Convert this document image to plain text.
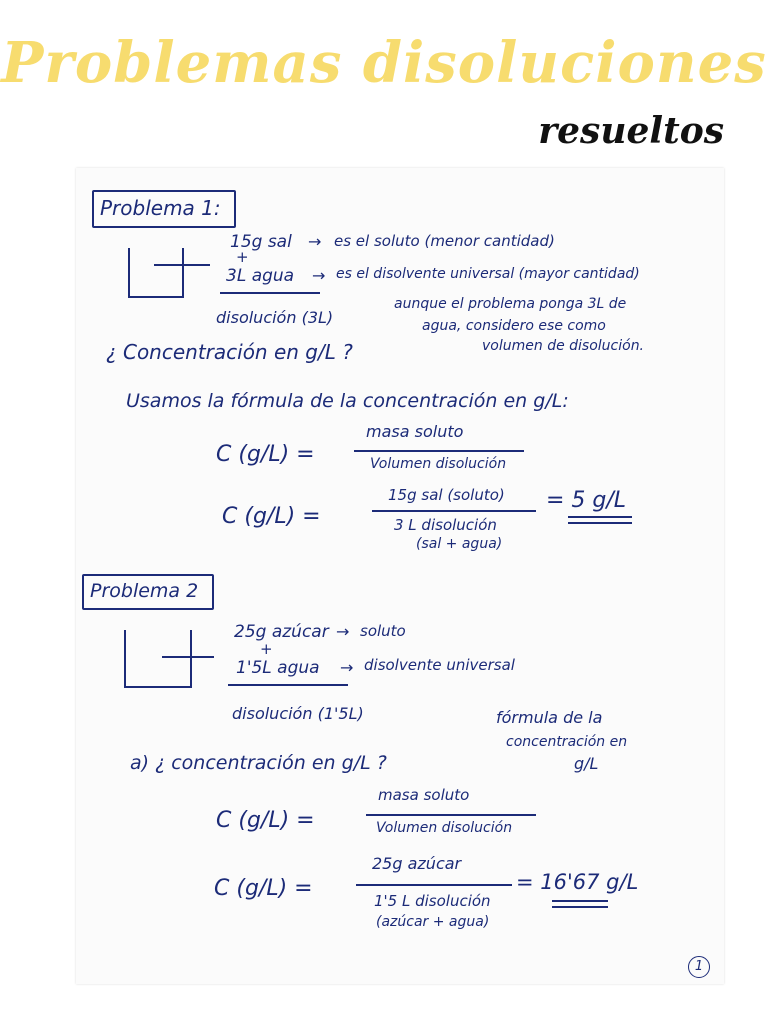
Problemas disoluciones
resueltos
Problema 1:
15g sal → es el soluto (menor cantidad)
+
3L agua → es el disolvente universal (mayor cantidad)
disolución (3L)
aunque el problema ponga 3L de
agua, considero ese como
volumen de disolución.
¿ Concentración en g/L ?
Usamos la fórmula de la concentración en g/L:
C (g/L) =
masa soluto
Volumen disolución
C (g/L) =
15g sal (soluto)
3 L disolución
(sal + agua)
= 5 g/L
Problema 2
25g azúcar → soluto
+
1'5L agua → disolvente universal
disolución (1'5L)	fórmula de la
concentración en
g/L
a) ¿ concentración en g/L ?
C (g/L) =
masa soluto
Volumen disolución
C (g/L) =
25g azúcar
1'5 L disolución
(azúcar + agua)
= 16'67 g/L
1
